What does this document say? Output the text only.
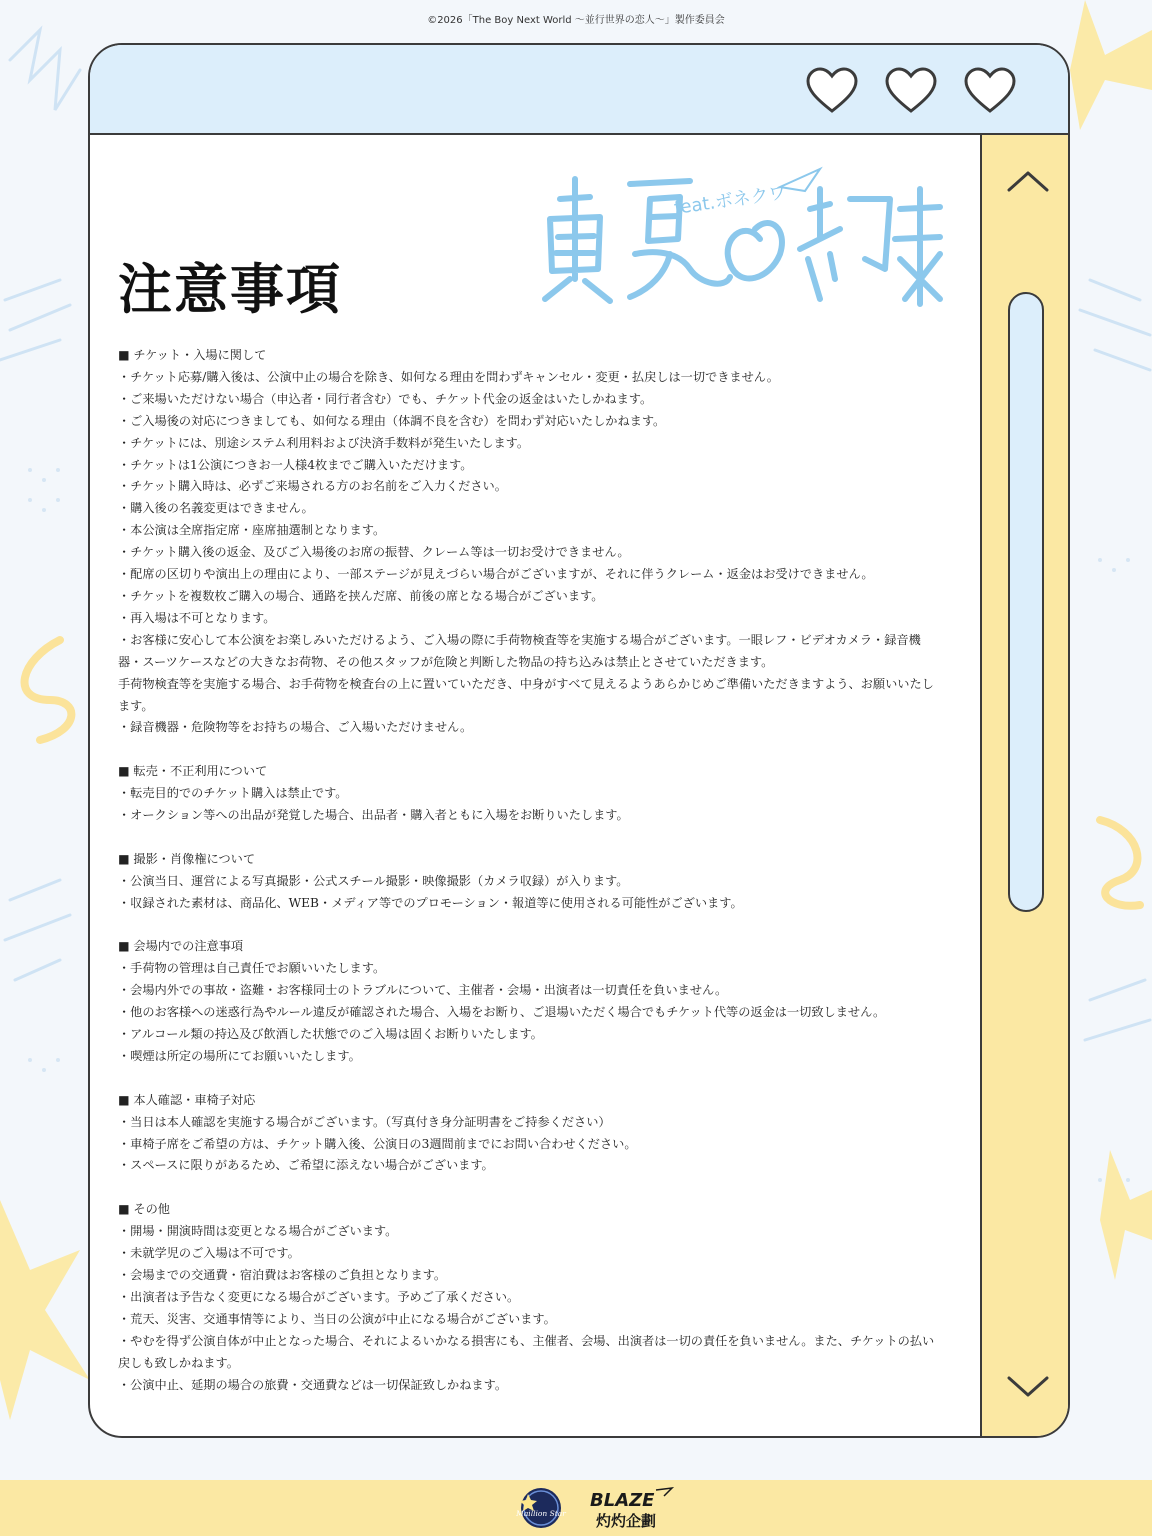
©2026「The Boy Next World 〜並行世界の恋人〜」製作委員会
注意事項
feat.ボネクワ

■ チケット・入場に関して

・チケット応募/購入後は、公演中止の場合を除き、如何なる理由を問わずキャンセル・変更・払戻しは一切できません。

・ご来場いただけない場合（申込者・同行者含む）でも、チケット代金の返金はいたしかねます。

・ご入場後の対応につきましても、如何なる理由（体調不良を含む）を問わず対応いたしかねます。

・チケットには、別途システム利用料および決済手数料が発生いたします。

・チケットは1公演につきお一人様4枚までご購入いただけます。

・チケット購入時は、必ずご来場される方のお名前をご入力ください。

・購入後の名義変更はできません。

・本公演は全席指定席・座席抽選制となります。

・チケット購入後の返金、及びご入場後のお席の振替、クレーム等は一切お受けできません。

・配席の区切りや演出上の理由により、一部ステージが見えづらい場合がございますが、それに伴うクレーム・返金はお受けできません。

・チケットを複数枚ご購入の場合、通路を挟んだ席、前後の席となる場合がございます。

・再入場は不可となります。

・お客様に安心して本公演をお楽しみいただけるよう、ご入場の際に手荷物検査等を実施する場合がございます。一眼レフ・ビデオカメラ・録音機器・スーツケースなどの大きなお荷物、その他スタッフが危険と判断した物品の持ち込みは禁止とさせていただきます。

手荷物検査等を実施する場合、お手荷物を検査台の上に置いていただき、中身がすべて見えるようあらかじめご準備いただきますよう、お願いいたします。

・録音機器・危険物等をお持ちの場合、ご入場いただけません。

■ 転売・不正利用について

・転売目的でのチケット購入は禁止です。

・オークション等への出品が発覚した場合、出品者・購入者ともに入場をお断りいたします。

■ 撮影・肖像権について

・公演当日、運営による写真撮影・公式スチール撮影・映像撮影（カメラ収録）が入ります。

・収録された素材は、商品化、WEB・メディア等でのプロモーション・報道等に使用される可能性がございます。

■ 会場内での注意事項

・手荷物の管理は自己責任でお願いいたします。

・会場内外での事故・盗難・お客様同士のトラブルについて、主催者・会場・出演者は一切責任を負いません。

・他のお客様への迷惑行為やルール違反が確認された場合、入場をお断り、ご退場いただく場合でもチケット代等の返金は一切致しません。

・アルコール類の持込及び飲酒した状態でのご入場は固くお断りいたします。

・喫煙は所定の場所にてお願いいたします。

■ 本人確認・車椅子対応

・当日は本人確認を実施する場合がございます。（写真付き身分証明書をご持参ください）

・車椅子席をご希望の方は、チケット購入後、公演日の3週間前までにお問い合わせください。

・スペースに限りがあるため、ご希望に添えない場合がございます。

■ その他

・開場・開演時間は変更となる場合がございます。

・未就学児のご入場は不可です。

・会場までの交通費・宿泊費はお客様のご負担となります。

・出演者は予告なく変更になる場合がございます。予めご了承ください。

・荒天、災害、交通事情等により、当日の公演が中止になる場合がございます。

・やむを得ず公演自体が中止となった場合、それによるいかなる損害にも、主催者、会場、出演者は一切の責任を負いません。また、チケットの払い戻しも致しかねます。

・公演中止、延期の場合の旅費・交通費などは一切保証致しかねます。

Maillion Star
BLAZE
灼灼企劃
